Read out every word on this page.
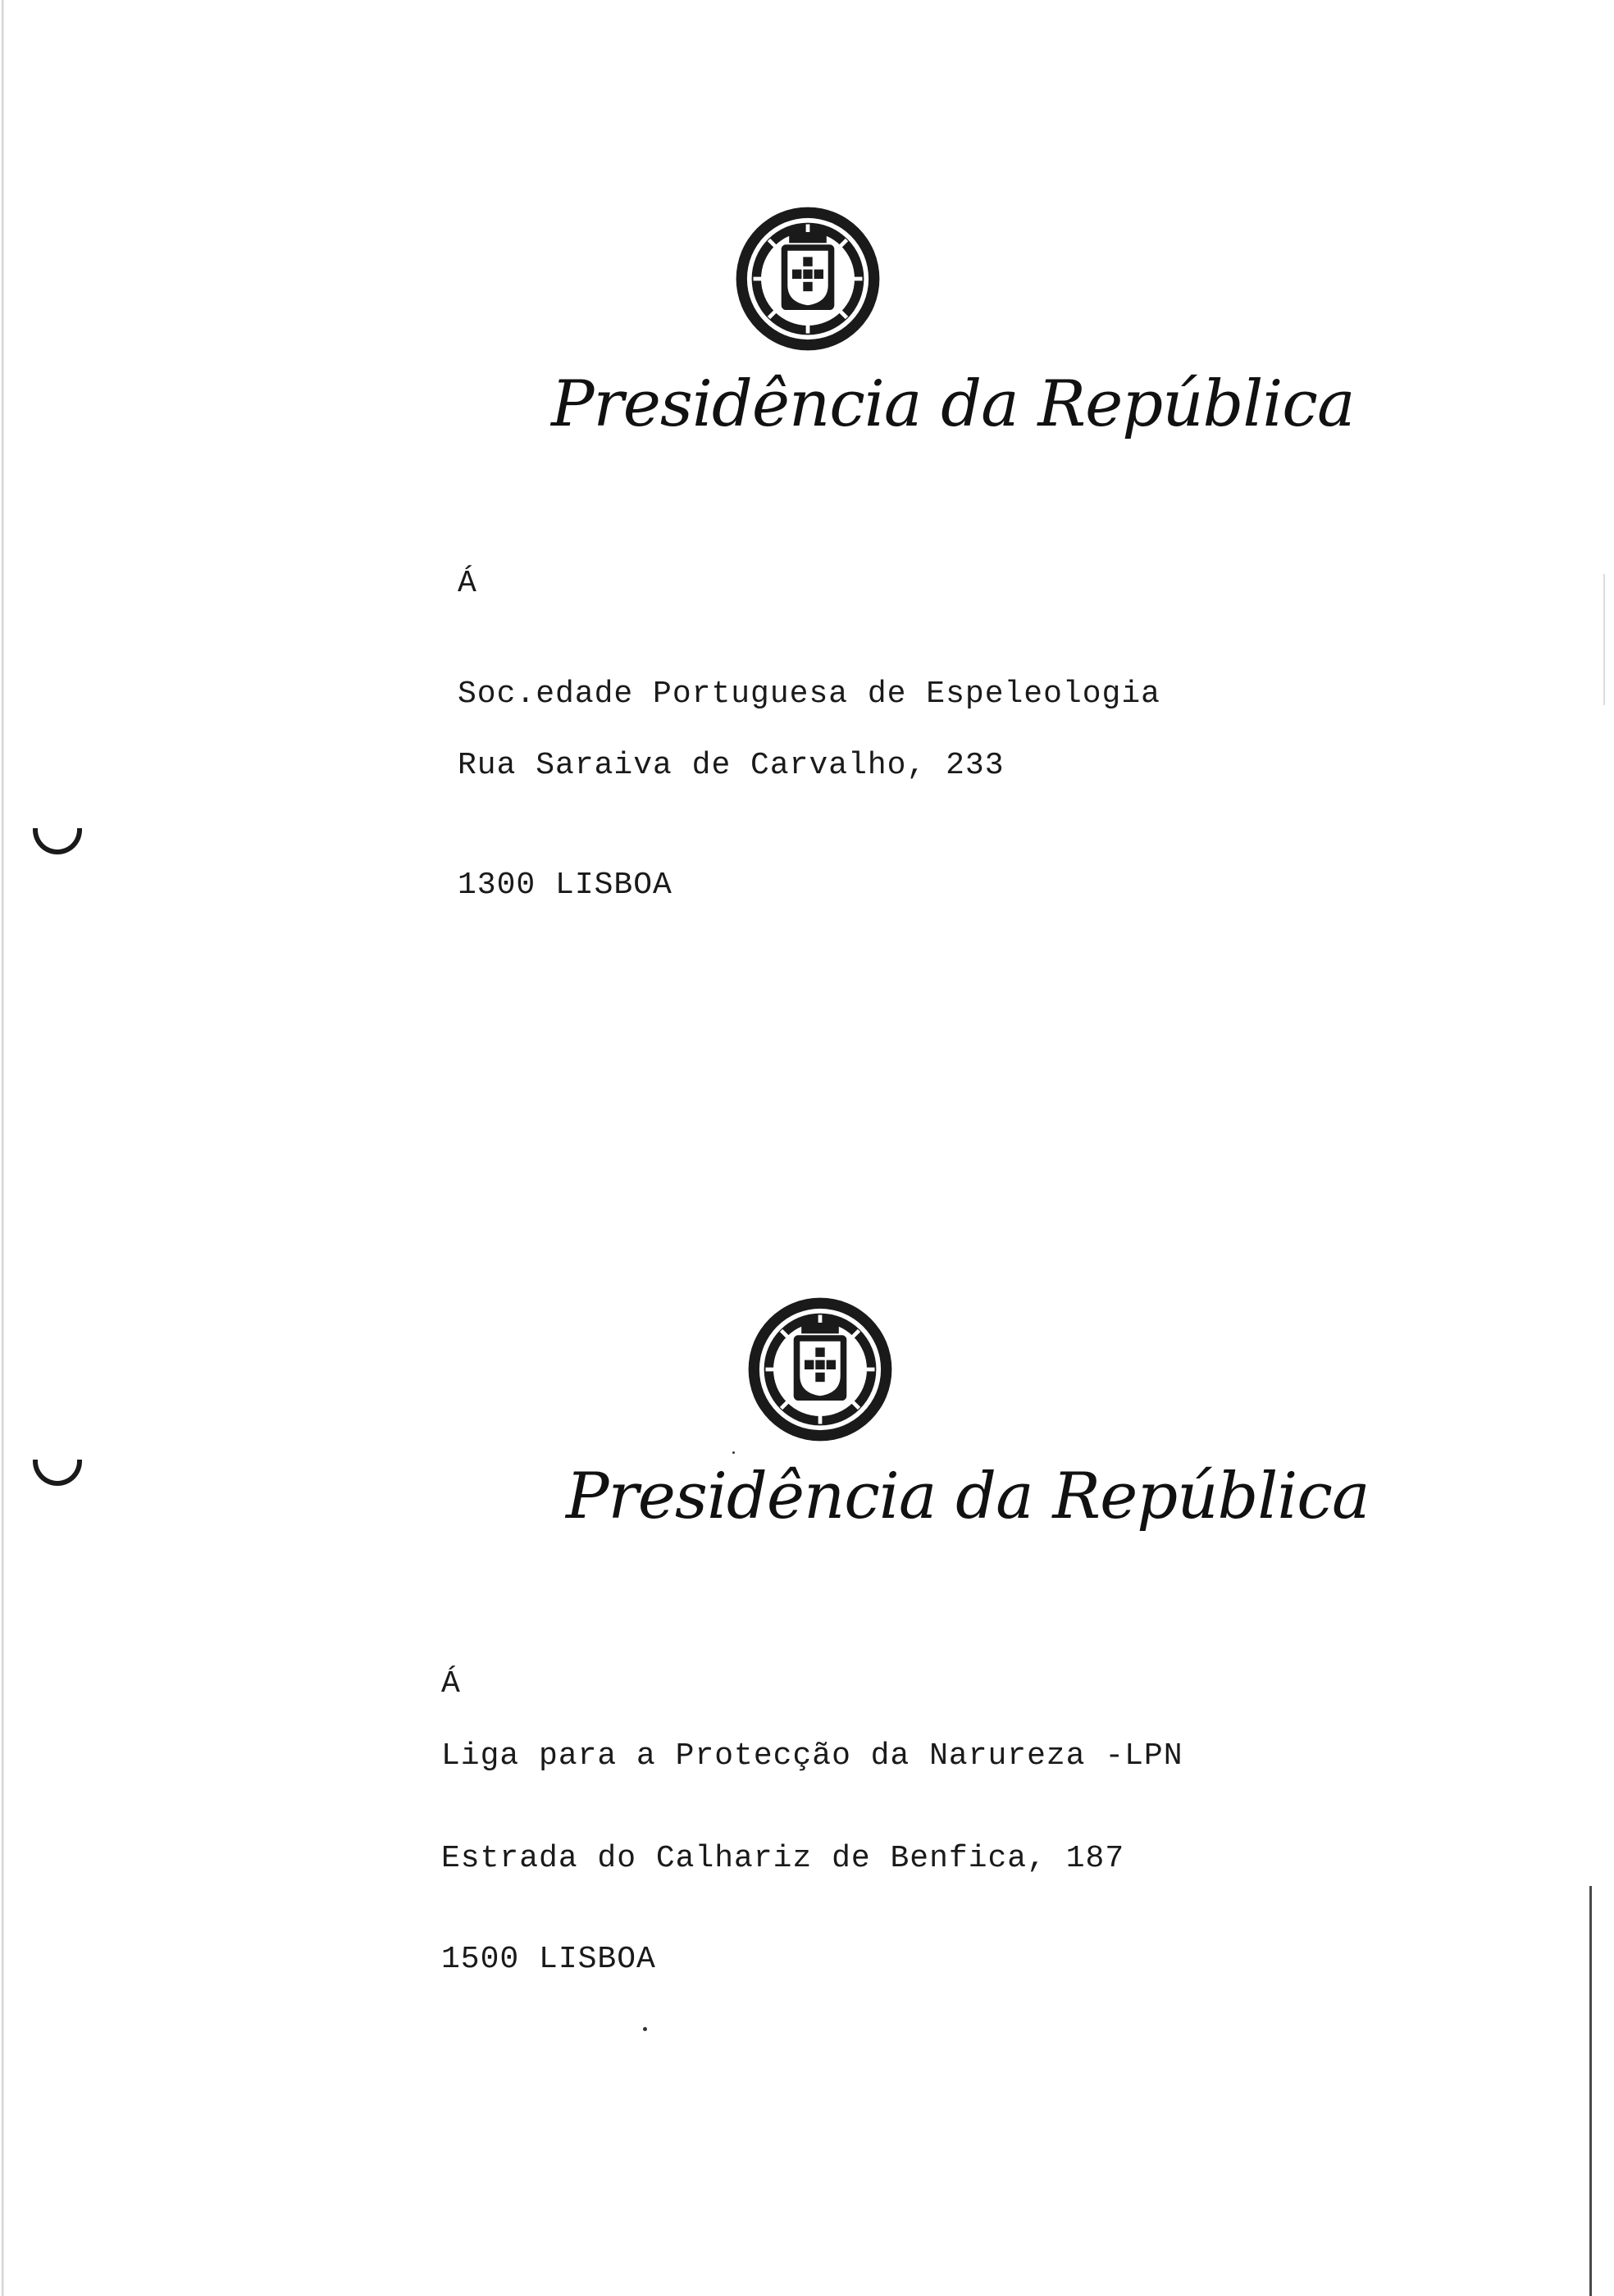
Presidência da República
Á
Soc.edade Portuguesa de Espeleologia
Rua Saraiva de Carvalho, 233
1300 LISBOA
Presidência da República
Á
Liga para a Protecção da Narureza -LPN
Estrada do Calhariz de Benfica, 187
1500 LISBOA
